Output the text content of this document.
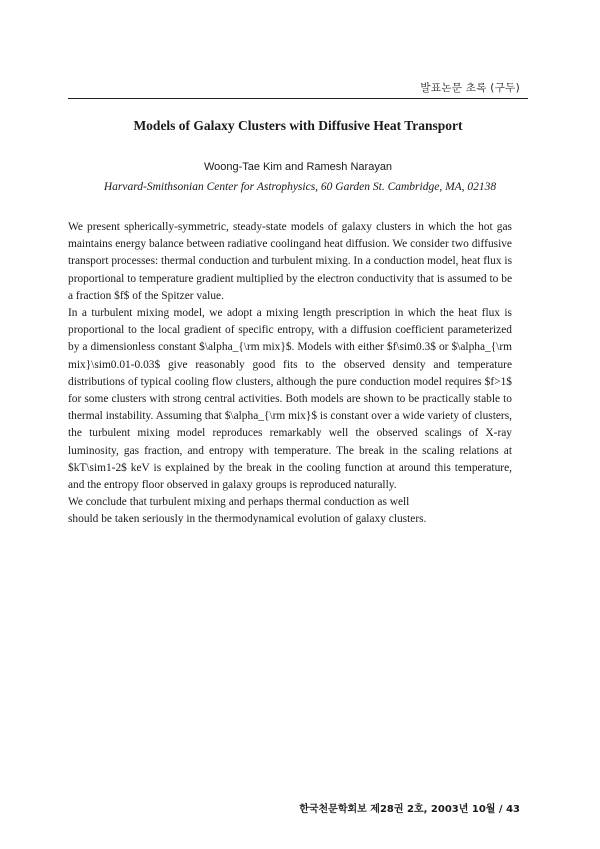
발표논문 초록 (구두)
Models of Galaxy Clusters with Diffusive Heat Transport
Woong-Tae Kim and Ramesh Narayan
Harvard-Smithsonian Center for Astrophysics, 60 Garden St. Cambridge, MA, 02138

We present spherically-symmetric, steady-state models of galaxy clusters in which the hot gas maintains energy balance between radiative coolingand heat diffusion. We consider two diffusive transport processes: thermal conduction and turbulent mixing. In a conduction model, heat flux is proportional to temperature gradient multiplied by the electron conductivity that is assumed to be a fraction $f$ of the Spitzer value.

In a turbulent mixing model, we adopt a mixing length prescription in which the heat flux is proportional to the local gradient of specific entropy, with a diffusion coefficient parameterized by a dimensionless constant $\alpha_{\rm mix}$. Models with either $f\sim0.3$ or $\alpha_{\rm mix}\sim0.01-0.03$ give reasonably good fits to the observed density and temperature distributions of typical cooling flow clusters, although the pure conduction model requires $f>1$ for some clusters with strong central activities. Both models are shown to be practically stable to thermal instability. Assuming that $\alpha_{\rm mix}$ is constant over a wide variety of clusters, the turbulent mixing model reproduces remarkably well the observed scalings of X-ray luminosity, gas fraction, and entropy with temperature. The break in the scaling relations at $kT\sim1-2$ keV is explained by the break in the cooling function at around this temperature, and the entropy floor observed in galaxy groups is reproduced naturally.

We conclude that turbulent mixing and perhaps thermal conduction as well

should be taken seriously in the thermodynamical evolution of galaxy clusters.

한국천문학회보 제28권 2호, 2003년 10월 / 43
